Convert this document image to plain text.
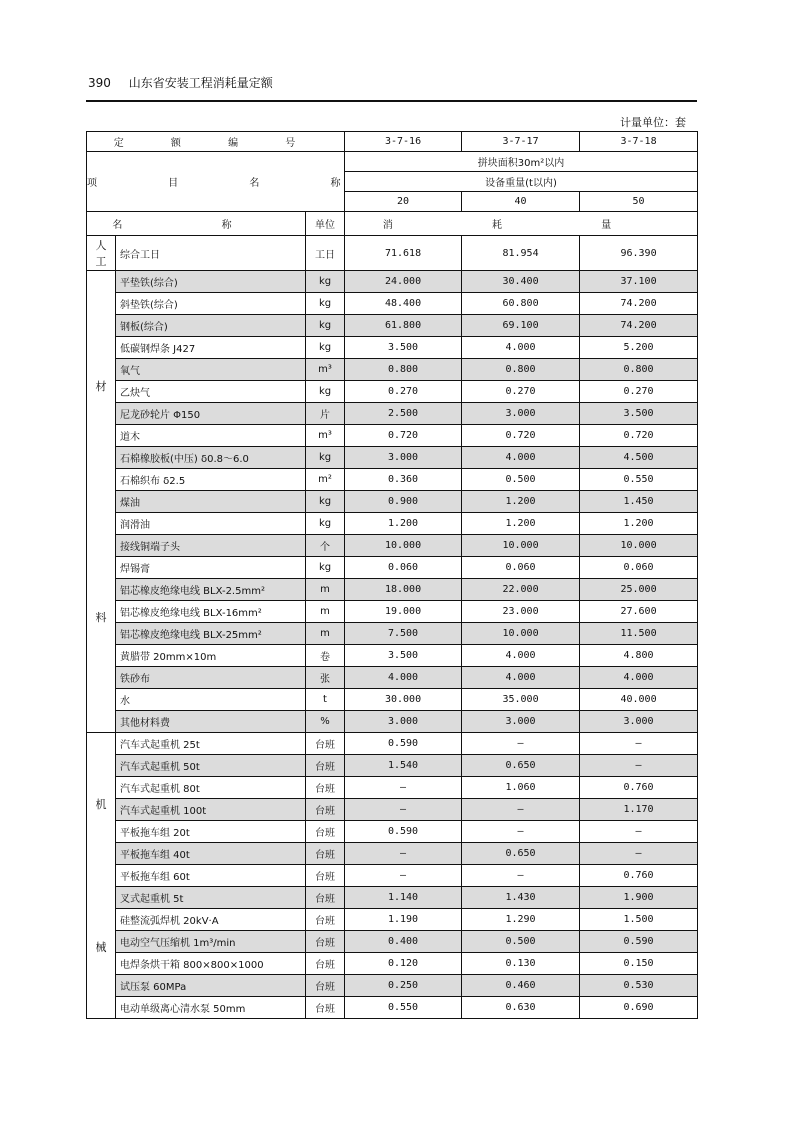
390 山东省安装工程消耗量定额
计量单位：套
定 额 编 号			3-7-16	3-7-17	3-7-18
项 目 名 称			拼块面积30m²以内		
			设备重量(t以内)		
			20	40	50
名 称		单位	消 耗 量		

人
工	综合工日	工日	71.618	81.954	96.390

材
料	平垫铁(综合)	kg	24.000	30.400	37.100
	斜垫铁(综合)	kg	48.400	60.800	74.200
	钢板(综合)	kg	61.800	69.100	74.200
	低碳钢焊条 J427	kg	3.500	4.000	5.200
	氧气	m³	0.800	0.800	0.800
	乙炔气	kg	0.270	0.270	0.270
	尼龙砂轮片 Φ150	片	2.500	3.000	3.500
	道木	m³	0.720	0.720	0.720
	石棉橡胶板(中压) δ0.8～6.0	kg	3.000	4.000	4.500
	石棉织布 δ2.5	m²	0.360	0.500	0.550
	煤油	kg	0.900	1.200	1.450
	润滑油	kg	1.200	1.200	1.200
	接线铜端子头	个	10.000	10.000	10.000
	焊锡膏	kg	0.060	0.060	0.060
	铝芯橡皮绝缘电线 BLX-2.5mm²	m	18.000	22.000	25.000
	铝芯橡皮绝缘电线 BLX-16mm²	m	19.000	23.000	27.600
	铝芯橡皮绝缘电线 BLX-25mm²	m	7.500	10.000	11.500
	黄腊带 20mm×10m	卷	3.500	4.000	4.800
	铁砂布	张	4.000	4.000	4.000
	水	t	30.000	35.000	40.000
	其他材料费	%	3.000	3.000	3.000

机
械	汽车式起重机 25t	台班	0.590	—	—
	汽车式起重机 50t	台班	1.540	0.650	—
	汽车式起重机 80t	台班	—	1.060	0.760
	汽车式起重机 100t	台班	—	—	1.170
	平板拖车组 20t	台班	0.590	—	—
	平板拖车组 40t	台班	—	0.650	—
	平板拖车组 60t	台班	—	—	0.760
	叉式起重机 5t	台班	1.140	1.430	1.900
	硅整流弧焊机 20kV·A	台班	1.190	1.290	1.500
	电动空气压缩机 1m³/min	台班	0.400	0.500	0.590
	电焊条烘干箱 800×800×1000	台班	0.120	0.130	0.150
	试压泵 60MPa	台班	0.250	0.460	0.530
	电动单级离心清水泵 50mm	台班	0.550	0.630	0.690
